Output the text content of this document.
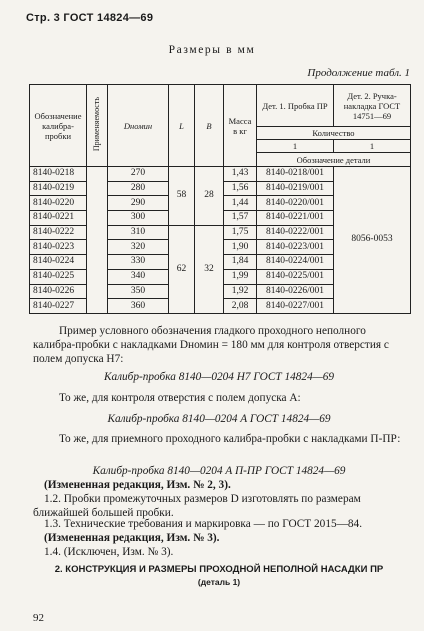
Стр. 3 ГОСТ 14824—69
Размеры в мм
Продолжение табл. 1
Обозначение калибра-пробки	Применяемость	Dномин	L	B	Масса в кг	Дет. 1. Пробка ПР	Дет. 2. Ручка-накладка ГОСТ 14751—69
						Количество	
						1	1
						Обозначение детали	
8140-0218		270	58	28	1,43	8140-0218/001	8056-0053
8140-0219		280			1,56	8140-0219/001	
8140-0220		290			1,44	8140-0220/001	
8140-0221		300			1,57	8140-0221/001	
8140-0222		310	62	32	1,75	8140-0222/001	
8140-0223		320			1,90	8140-0223/001	
8140-0224		330			1,84	8140-0224/001	
8140-0225		340			1,99	8140-0225/001	
8140-0226		350			1,92	8140-0226/001	
8140-0227		360			2,08	8140-0227/001	
Пример условного обозначения гладкого проходного неполного калибра-пробки с накладками Dномин = 180 мм для контроля отверстия с полем допуска H7:
Калибр-пробка 8140—0204 H7 ГОСТ 14824—69
То же, для контроля отверстия с полем допуска A:
Калибр-пробка 8140—0204 A ГОСТ 14824—69
То же, для приемного проходного калибра-пробки с накладками П-ПР:
Калибр-пробка 8140—0204 A П-ПР ГОСТ 14824—69
(Измененная редакция, Изм. № 2, 3).
1.2. Пробки промежуточных размеров D изготовлять по размерам ближайшей большей пробки.
1.3. Технические требования и маркировка — по ГОСТ 2015—84.
(Измененная редакция, Изм. № 3).
1.4. (Исключен, Изм. № 3).
2. КОНСТРУКЦИЯ И РАЗМЕРЫ ПРОХОДНОЙ НЕПОЛНОЙ НАСАДКИ ПР
(деталь 1)
92
